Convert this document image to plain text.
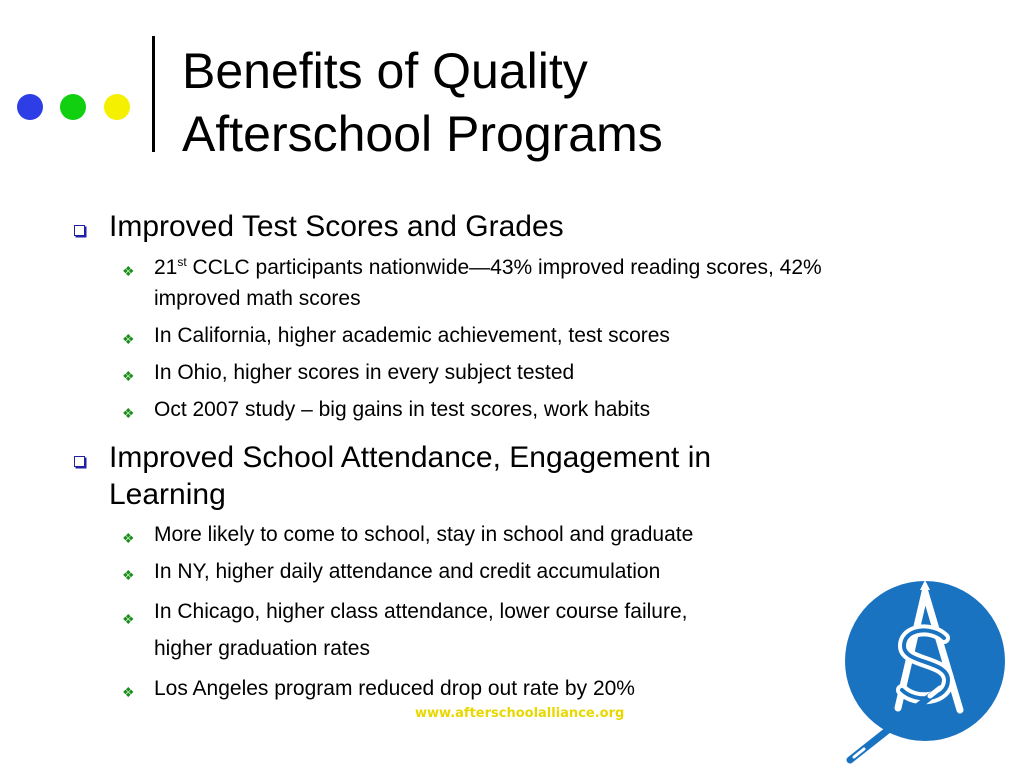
Benefits of Quality
Afterschool Programs
Improved Test Scores and Grades
❖ 21st CCLC participants nationwide—43% improved reading scores, 42% improved math scores
❖ In California, higher academic achievement, test scores
❖ In Ohio, higher scores in every subject tested
❖ Oct 2007 study – big gains in test scores, work habits
Improved School Attendance, Engagement in
Learning
❖ More likely to come to school, stay in school and graduate
❖ In NY, higher daily attendance and credit accumulation
❖ In Chicago, higher class attendance, lower course failure,
higher graduation rates
❖ Los Angeles program reduced drop out rate by 20%
www.afterschoolalliance.org
